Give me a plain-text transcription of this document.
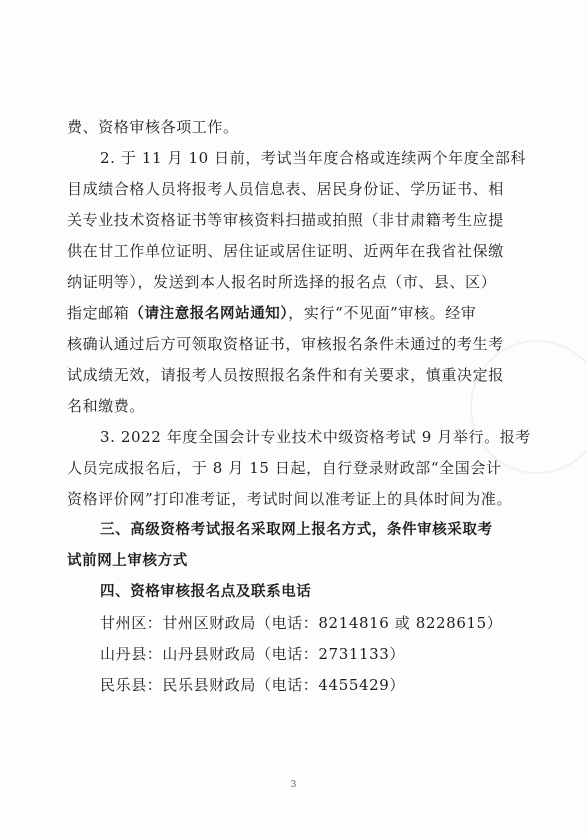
费、资格审核各项工作。
2. 于 11 月 10 日前，考试当年度合格或连续两个年度全部科
目成绩合格人员将报考人员信息表、居民身份证、学历证书、相
关专业技术资格证书等审核资料扫描或拍照（非甘肃籍考生应提
供在甘工作单位证明、居住证或居住证明、近两年在我省社保缴
纳证明等），发送到本人报名时所选择的报名点（市、县、区）
指定邮箱（请注意报名网站通知），实行“不见面”审核。经审
核确认通过后方可领取资格证书，审核报名条件未通过的考生考
试成绩无效，请报考人员按照报名条件和有关要求，慎重决定报
名和缴费。
3. 2022 年度全国会计专业技术中级资格考试 9 月举行。报考
人员完成报名后，于 8 月 15 日起，自行登录财政部“全国会计
资格评价网”打印准考证，考试时间以准考证上的具体时间为准。
三、高级资格考试报名采取网上报名方式，条件审核采取考
试前网上审核方式
四、资格审核报名点及联系电话
甘州区： 甘州区财政局（电话：8214816 或 8228615）
山丹县： 山丹县财政局（电话：2731133）
民乐县： 民乐县财政局（电话：4455429）
3
